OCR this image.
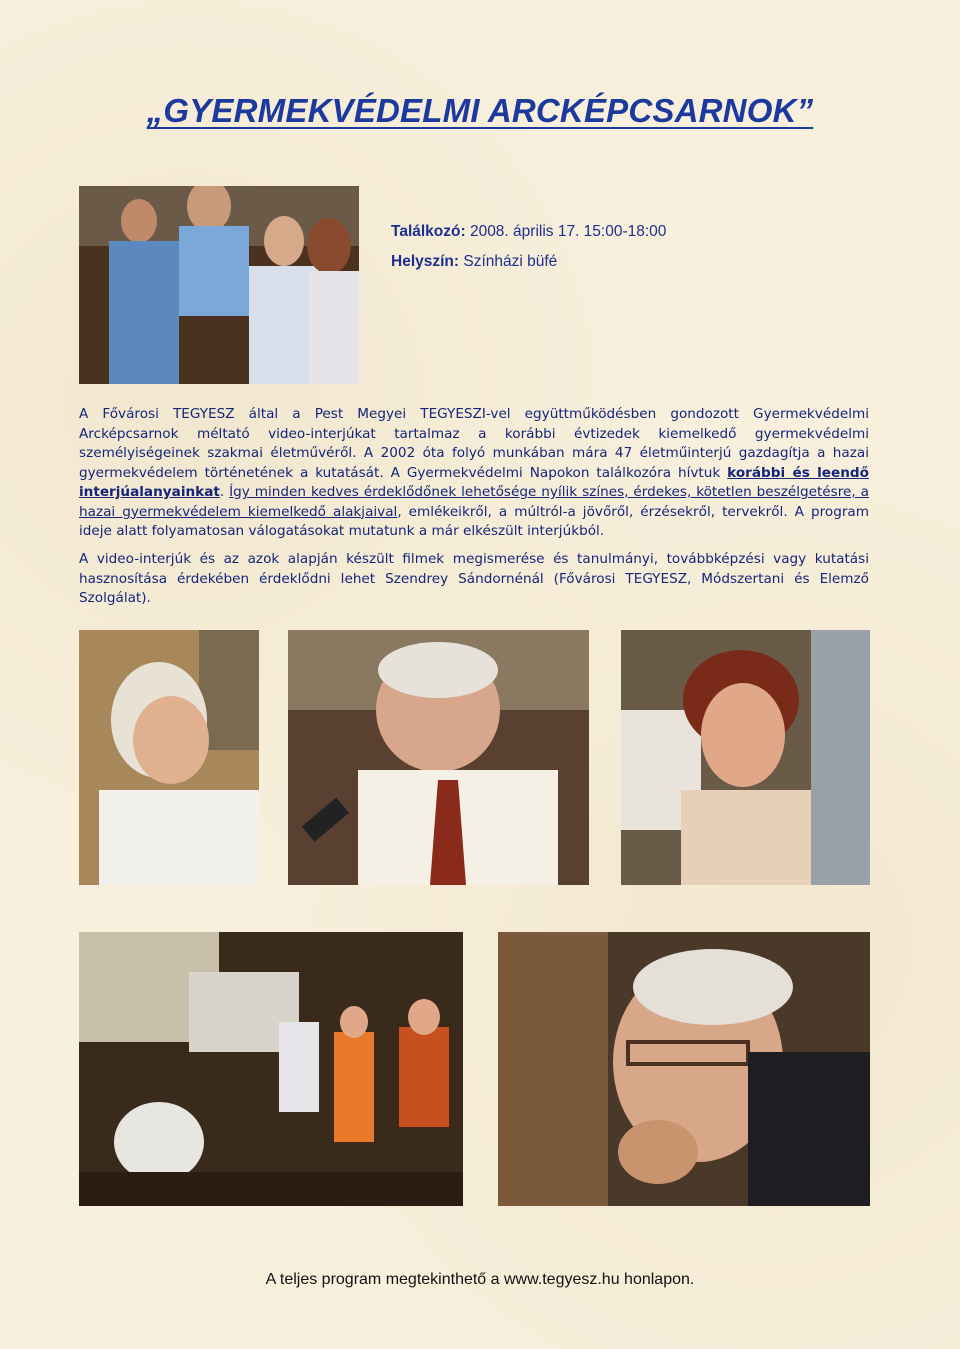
„GYERMEKVÉDELMI ARCKÉPCSARNOK”
Találkozó: 2008. április 17. 15:00-18:00
Helyszín: Színházi büfé
A Fővárosi TEGYESZ által a Pest Megyei TEGYESZI-vel együttműködésben gondozott Gyermekvédelmi Arcképcsarnok méltató video-interjúkat tartalmaz a korábbi évtizedek kiemelkedő gyermekvédelmi személyiségeinek szakmai életművéről. A 2002 óta folyó munkában mára 47 életműinterjú gazdagítja a hazai gyermekvédelem történetének a kutatását. A Gyermekvédelmi Napokon találkozóra hívtuk korábbi és leendő interjúalanyainkat. Így minden kedves érdeklődőnek lehetősége nyílik színes, érdekes, kötetlen beszélgetésre, a hazai gyermekvédelem kiemelkedő alakjaival, emlékeikről, a múltról-a jövőről, érzésekről, tervekről. A program ideje alatt folyamatosan válogatásokat mutatunk a már elkészült interjúkból.
A video-interjúk és az azok alapján készült filmek megismerése és tanulmányi, továbbképzési vagy kutatási hasznosítása érdekében érdeklődni lehet Szendrey Sándornénál (Fővárosi TEGYESZ, Módszertani és Elemző Szolgálat).
A teljes program megtekinthető a www.tegyesz.hu honlapon.
